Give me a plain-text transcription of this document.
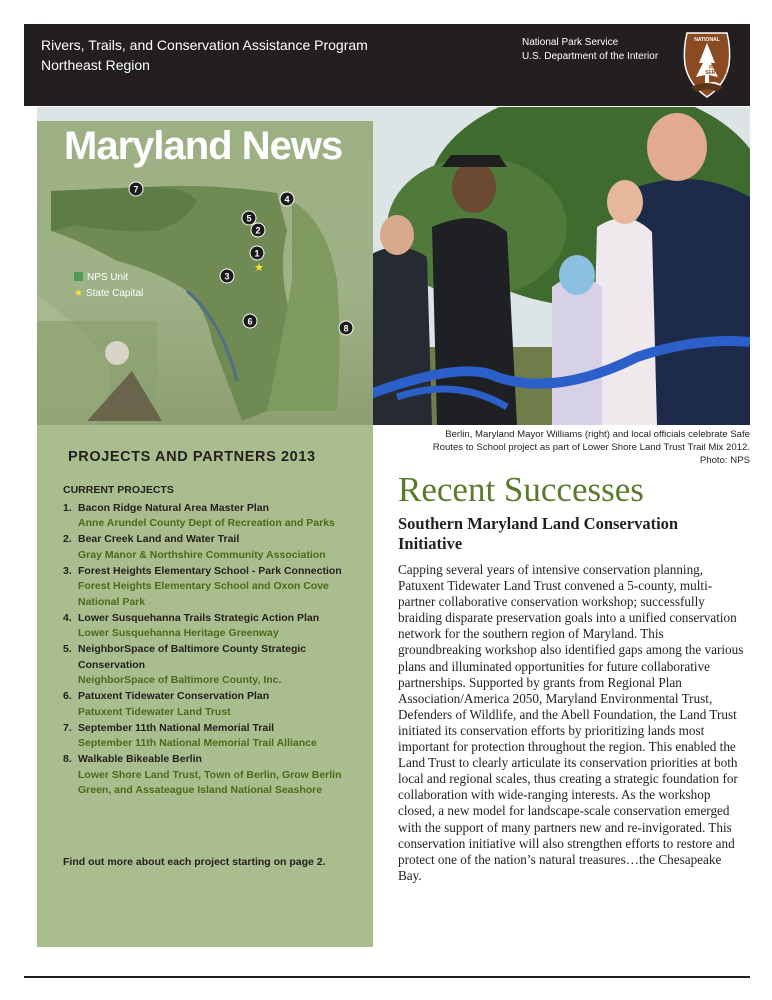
Rivers, Trails, and Conservation Assistance Program
Northeast Region
National Park Service
U.S. Department of the Interior
NATIONAL
PARK
SERVICE
7
4
5
2
1
3
6
8
★
Maryland News
NPS Unit
★ State Capital
Berlin, Maryland Mayor Williams (right) and local officials celebrate Safe
Routes to School project as part of Lower Shore Land Trust Trail Mix 2012.
Photo: NPS
PROJECTS AND PARTNERS 2013
CURRENT PROJECTS
1. Bacon Ridge Natural Area Master Plan
Anne Arundel County Dept of Recreation and Parks
2. Bear Creek Land and Water Trail
Gray Manor & Northshire Community Association
3. Forest Heights Elementary School - Park Connection
Forest Heights Elementary School and Oxon Cove National Park
4. Lower Susquehanna Trails Strategic Action Plan
Lower Susquehanna Heritage Greenway
5. NeighborSpace of Baltimore County Strategic Conservation
NeighborSpace of Baltimore County, Inc.
6. Patuxent Tidewater Conservation Plan
Patuxent Tidewater Land Trust
7. September 11th National Memorial Trail
September 11th National Memorial Trail Alliance
8. Walkable Bikeable Berlin
Lower Shore Land Trust, Town of Berlin, Grow Berlin Green, and Assateague Island National Seashore
Find out more about each project starting on page 2.
Recent Successes
Southern Maryland Land Conservation Initiative
Capping several years of intensive conservation planning, Patuxent Tidewater Land Trust convened a 5-county, multi-partner collaborative conservation workshop; successfully braiding disparate preservation goals into a unified conservation network for the southern region of Maryland. This groundbreaking workshop also identified gaps among the various plans and illuminated opportunities for future collaborative partnerships. Supported by grants from Regional Plan Association/America 2050, Maryland Environmental Trust, Defenders of Wildlife, and the Abell Foundation, the Land Trust initiated its conservation efforts by prioritizing lands most important for protection throughout the region. This enabled the Land Trust to clearly articulate its conservation priorities at both local and regional scales, thus creating a strategic foundation for collaboration with wide-ranging interests. As the workshop closed, a new model for landscape-scale conservation emerged with the support of many partners new and re-invigorated. This conservation initiative will also strengthen efforts to restore and protect one of the nation’s natural treasures…the Chesapeake Bay.
